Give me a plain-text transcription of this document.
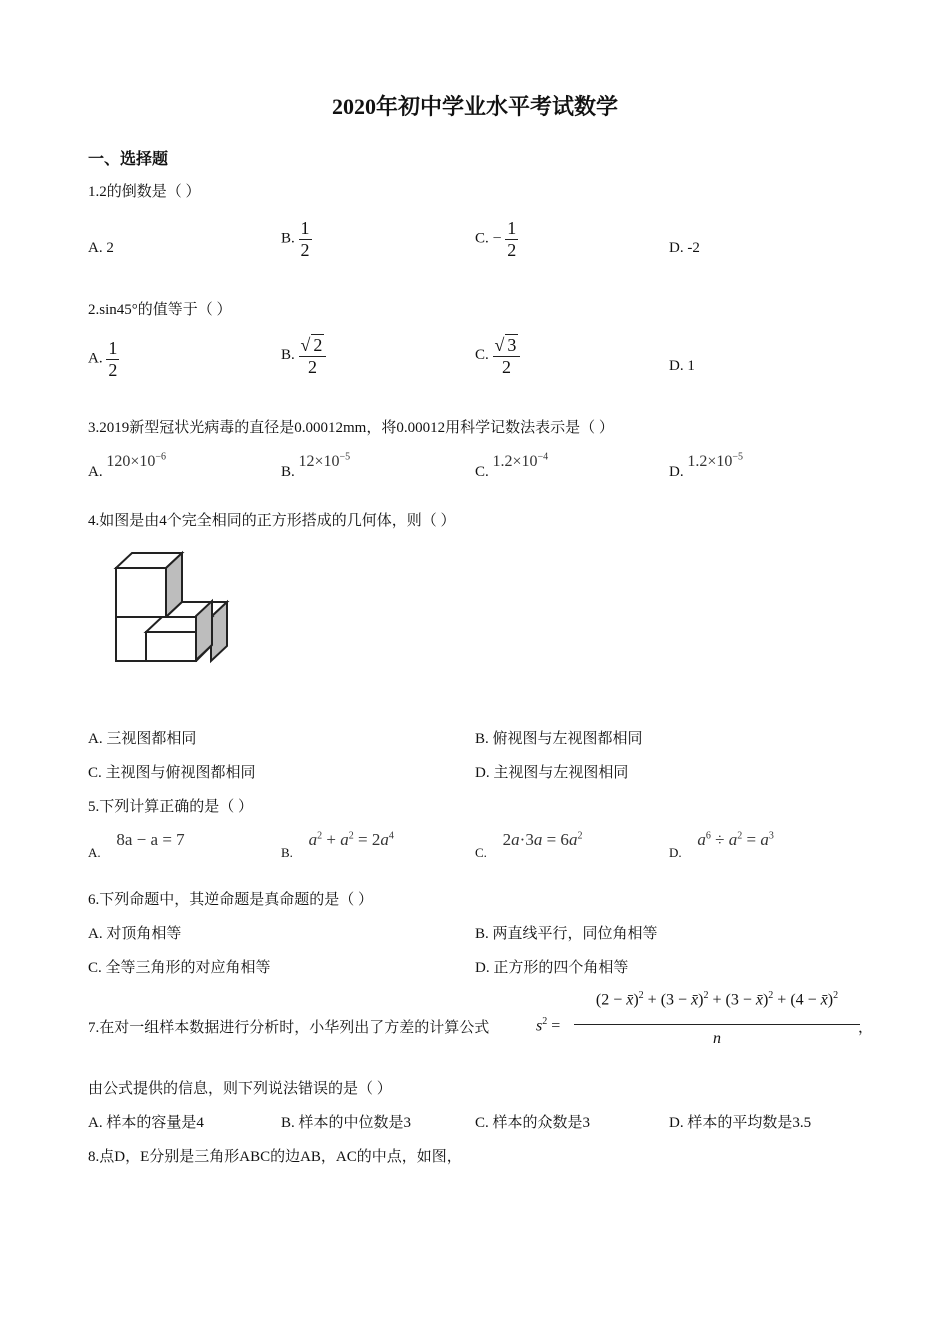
2020年初中学业水平考试数学
一、选择题
1.2的倒数是（ ）
A. 2
B. $\frac{1}{2}$	C. − $\frac{1}{2}$	D. -2
2.sin45°的值等于（ ）
A. $\frac{1}{2}$	B. $\frac{√ 2}{2}$	C. $\frac{√ 3}{2}$	D. 1
3.2019新型冠状光病毒的直径是0.00012mm，将0.00012用科学记数法表示是（ ）
A. $120\times 10^{-6}$
B. $12\times 10^{-5}$
C. $1.2\times 10^{-4}$
D. $1.2\times 10^{-5}$
4.如图是由4个完全相同的正方形搭成的几何体，则（ ）
A. 三视图都相同	B. 俯视图与左视图都相同
C. 主视图与俯视图都相同	D. 主视图与左视图相同
5.下列计算正确的是（ ）
A. 8a − a = 7
B. $a^2 + a^2 = 2a^4$
C. $2a\cdot 3a = 6a^2$
D. $a^6 \div a^2 = a^3$
6.下列命题中，其逆命题是真命题的是（ ）
A. 对顶角相等	B. 两直线平行，同位角相等
C. 全等三角形的对应角相等	D. 正方形的四个角相等
7.在对一组样本数据进行分析时，小华列出了方差的计算公式	$s^2$ =
(2 − x̄)$^2$ + (3 − x̄)$^2$ + (3 − x̄)$^2$ + (4 − x̄)$^2$
n
，
由公式提供的信息，则下列说法错误的是（ ）
A. 样本的容量是4	B. 样本的中位数是3	C. 样本的众数是3	D. 样本的平均数是3.5
8.点D，E分别是三角形ABC的边AB，AC的中点，如图，
